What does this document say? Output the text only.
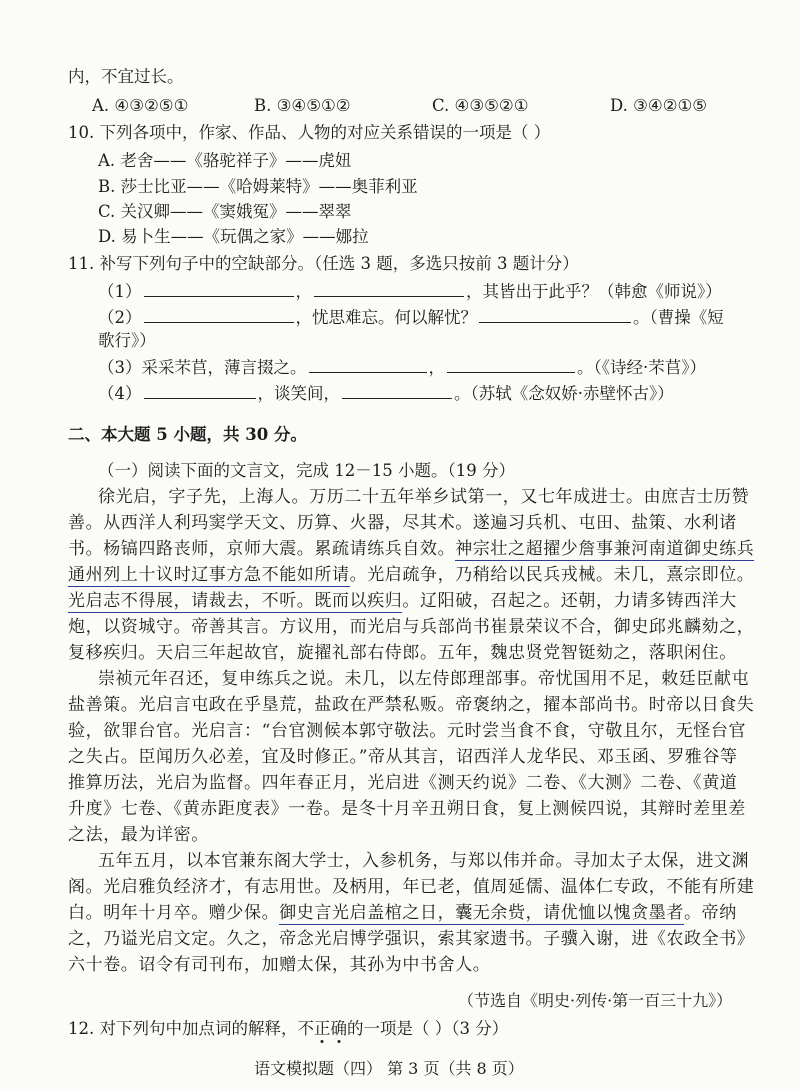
内，不宜过长。
A. ④③②⑤①	B. ③④⑤①②	C. ④③⑤②①	D. ③④②①⑤
10. 下列各项中，作家、作品、人物的对应关系错误的一项是（ ）
A. 老舍——《骆驼祥子》——虎妞
B. 莎士比亚——《哈姆莱特》——奥菲利亚
C. 关汉卿——《窦娥冤》——翠翠
D. 易卜生——《玩偶之家》——娜拉
11. 补写下列句子中的空缺部分。（任选 3 题，多选只按前 3 题计分）
（1）	，	，其皆出于此乎？（韩愈《师说》）
（2）	，忧思难忘。何以解忧？	。（曹操《短
歌行》）
（3）采采芣苢，薄言掇之。	，	。（《诗经·芣苢》）
（4）	，谈笑间，	。（苏轼《念奴娇·赤壁怀古》）
二、本大题 5 小题，共 30 分。
（一）阅读下面的文言文，完成 12－15 小题。（19 分）
徐光启，字子先，上海人。万历二十五年举乡试第一，又七年成进士。由庶吉士历赞
善。从西洋人利玛窦学天文、历算、火器，尽其术。遂遍习兵机、屯田、盐策、水利诸
书。杨镐四路丧师，京师大震。累疏请练兵自效。神宗壮之超擢少詹事兼河南道御史练兵
通州列上十议时辽事方急不能如所请。光启疏争，乃稍给以民兵戎械。未几，熹宗即位。
光启志不得展，请裁去，不听。既而以疾归。辽阳破，召起之。还朝，力请多铸西洋大
炮，以资城守。帝善其言。方议用，而光启与兵部尚书崔景荣议不合，御史邱兆麟劾之，
复移疾归。天启三年起故官，旋擢礼部右侍郎。五年，魏忠贤党智铤劾之，落职闲住。
崇祯元年召还，复申练兵之说。未几，以左侍郎理部事。帝忧国用不足，敕廷臣献屯
盐善策。光启言屯政在乎垦荒，盐政在严禁私贩。帝褒纳之，擢本部尚书。时帝以日食失
验，欲罪台官。光启言：“台官测候本郭守敬法。元时尝当食不食，守敬且尔，无怪台官
之失占。臣闻历久必差，宜及时修正。”帝从其言，诏西洋人龙华民、邓玉函、罗雅谷等
推算历法，光启为监督。四年春正月，光启进《测天约说》二卷、《大测》二卷、《黄道
升度》七卷、《黄赤距度表》一卷。是冬十月辛丑朔日食，复上测候四说，其辩时差里差
之法，最为详密。
五年五月，以本官兼东阁大学士，入参机务，与郑以伟并命。寻加太子太保，进文渊
阁。光启雅负经济才，有志用世。及柄用，年已老，值周延儒、温体仁专政，不能有所建
白。明年十月卒。赠少保。御史言光启盖棺之日，囊无余赀，请优恤以愧贪墨者。帝纳
之，乃谥光启文定。久之，帝念光启博学强识，索其家遗书。子骥入谢，进《农政全书》
六十卷。诏令有司刊布，加赠太保，其孙为中书舍人。
（节选自《明史·列传·第一百三十九》）
12. 对下列句中加点词的解释，不正确的一项是（ ）（3 分）
语文模拟题（四） 第 3 页（共 8 页）
